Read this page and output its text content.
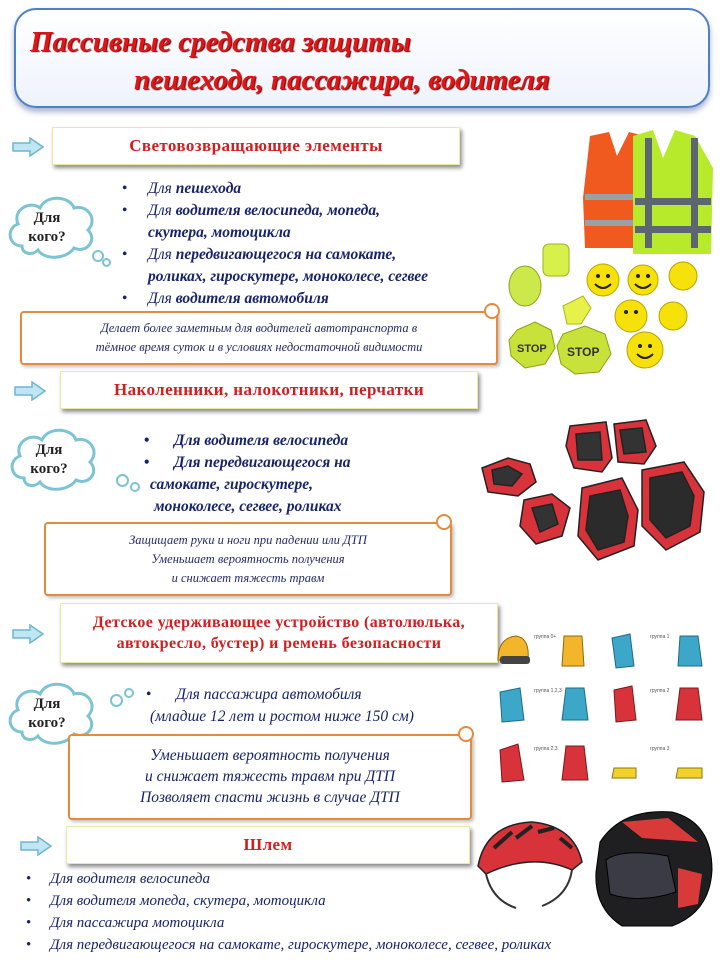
Пассивные средства защиты
пешехода, пассажира, водителя
Световозвращающие элементы
Для
кого?
• Для пешехода
• Для водителя велосипеда, мопеда,
скутера, мотоцикла
• Для передвигающегося на самокате,
роликах, гироскутере, моноколесе, сегвее
• Для водителя автомобиля
Делает более заметным для водителей автотранспорта в
тёмное время суток и в условиях недостаточной видимости	STOP STOP
Наколенники, налокотники, перчатки
Для
кого?
• Для водителя велосипеда
• Для передвигающегося на
самокате, гироскутере,
моноколесе, сегвее, роликах
Защищает руки и ноги при падении или ДТП
Уменьшает вероятность получения
и снижает тяжесть травм
Детское удерживающее устройство (автолюлька,
автокресло, бустер) и ремень безопасности
Для
кого?
• Для пассажира автомобиля
(младше 12 лет и ростом ниже 150 см)
Уменьшает вероятность получения
и снижает тяжесть травм при ДТП
Позволяет спасти жизнь в случае ДТП
группа 0+	группа 1
группа 1,2,3	группа 2
группа 2,3	группа 3
Шлем
• Для водителя велосипеда
• Для водителя мопеда, скутера, мотоцикла
• Для пассажира мотоцикла
• Для передвигающегося на самокате, гироскутере, моноколесе, сегвее, роликах
